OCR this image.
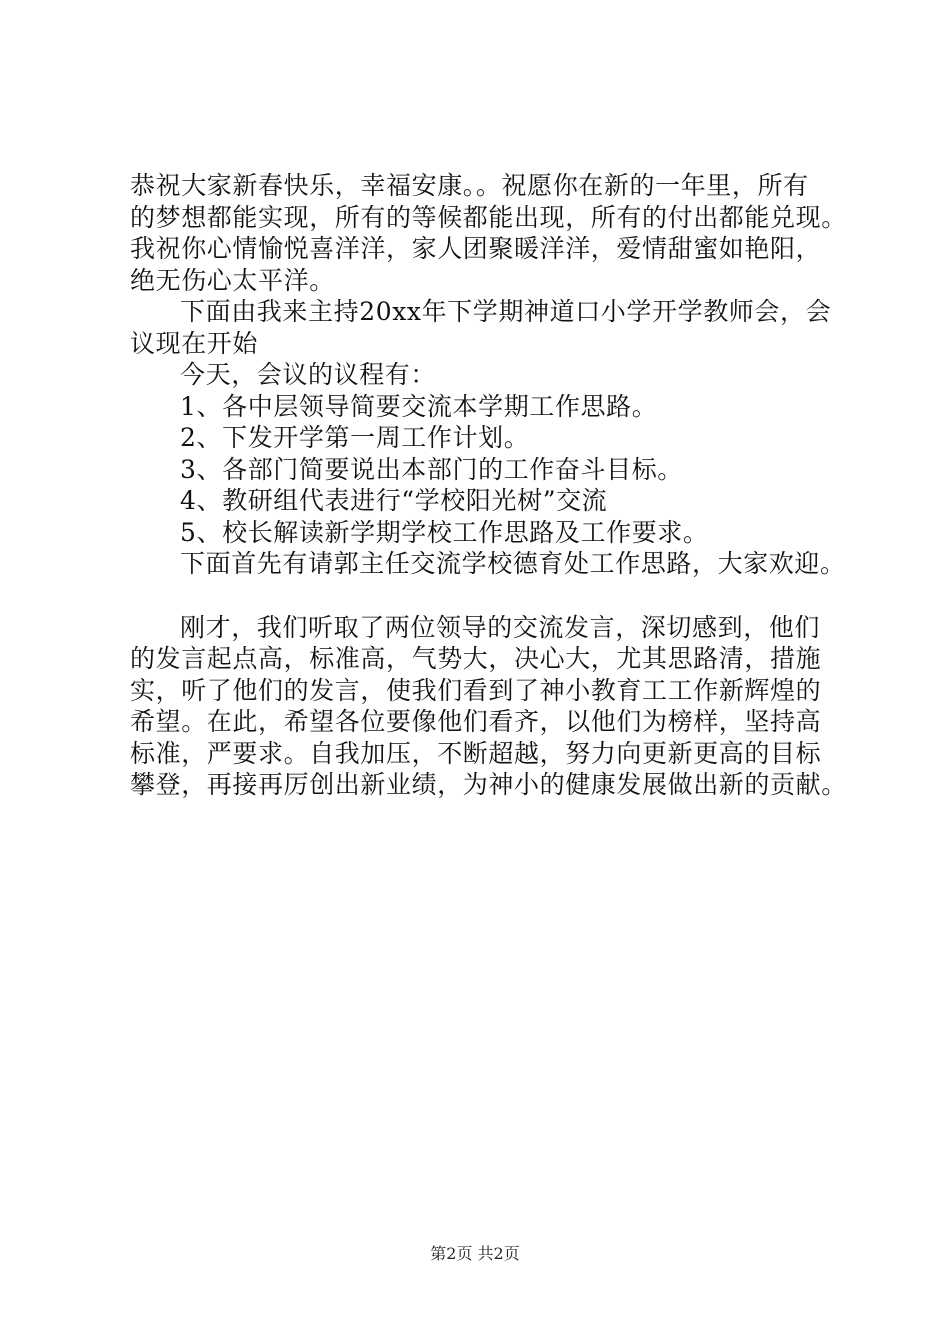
恭祝大家新春快乐，幸福安康。。祝愿你在新的一年里，所有
的梦想都能实现，所有的等候都能出现，所有的付出都能兑现。
我祝你心情愉悦喜洋洋，家人团聚暖洋洋，爱情甜蜜如艳阳，
绝无伤心太平洋。

下面由我来主持20xx年下学期神道口小学开学教师会，会
议现在开始

今天，会议的议程有：

1、各中层领导简要交流本学期工作思路。
2、下发开学第一周工作计划。
3、各部门简要说出本部门的工作奋斗目标。
4、教研组代表进行“学校阳光树”交流
5、校长解读新学期学校工作思路及工作要求。

下面首先有请郭主任交流学校德育处工作思路，大家欢迎。

刚才，我们听取了两位领导的交流发言，深切感到，他们
的发言起点高，标准高，气势大，决心大，尤其思路清，措施
实，听了他们的发言，使我们看到了神小教育工工作新辉煌的
希望。在此，希望各位要像他们看齐，以他们为榜样，坚持高
标准，严要求。自我加压，不断超越，努力向更新更高的目标
攀登，再接再厉创出新业绩，为神小的健康发展做出新的贡献。

第2页 共2页
